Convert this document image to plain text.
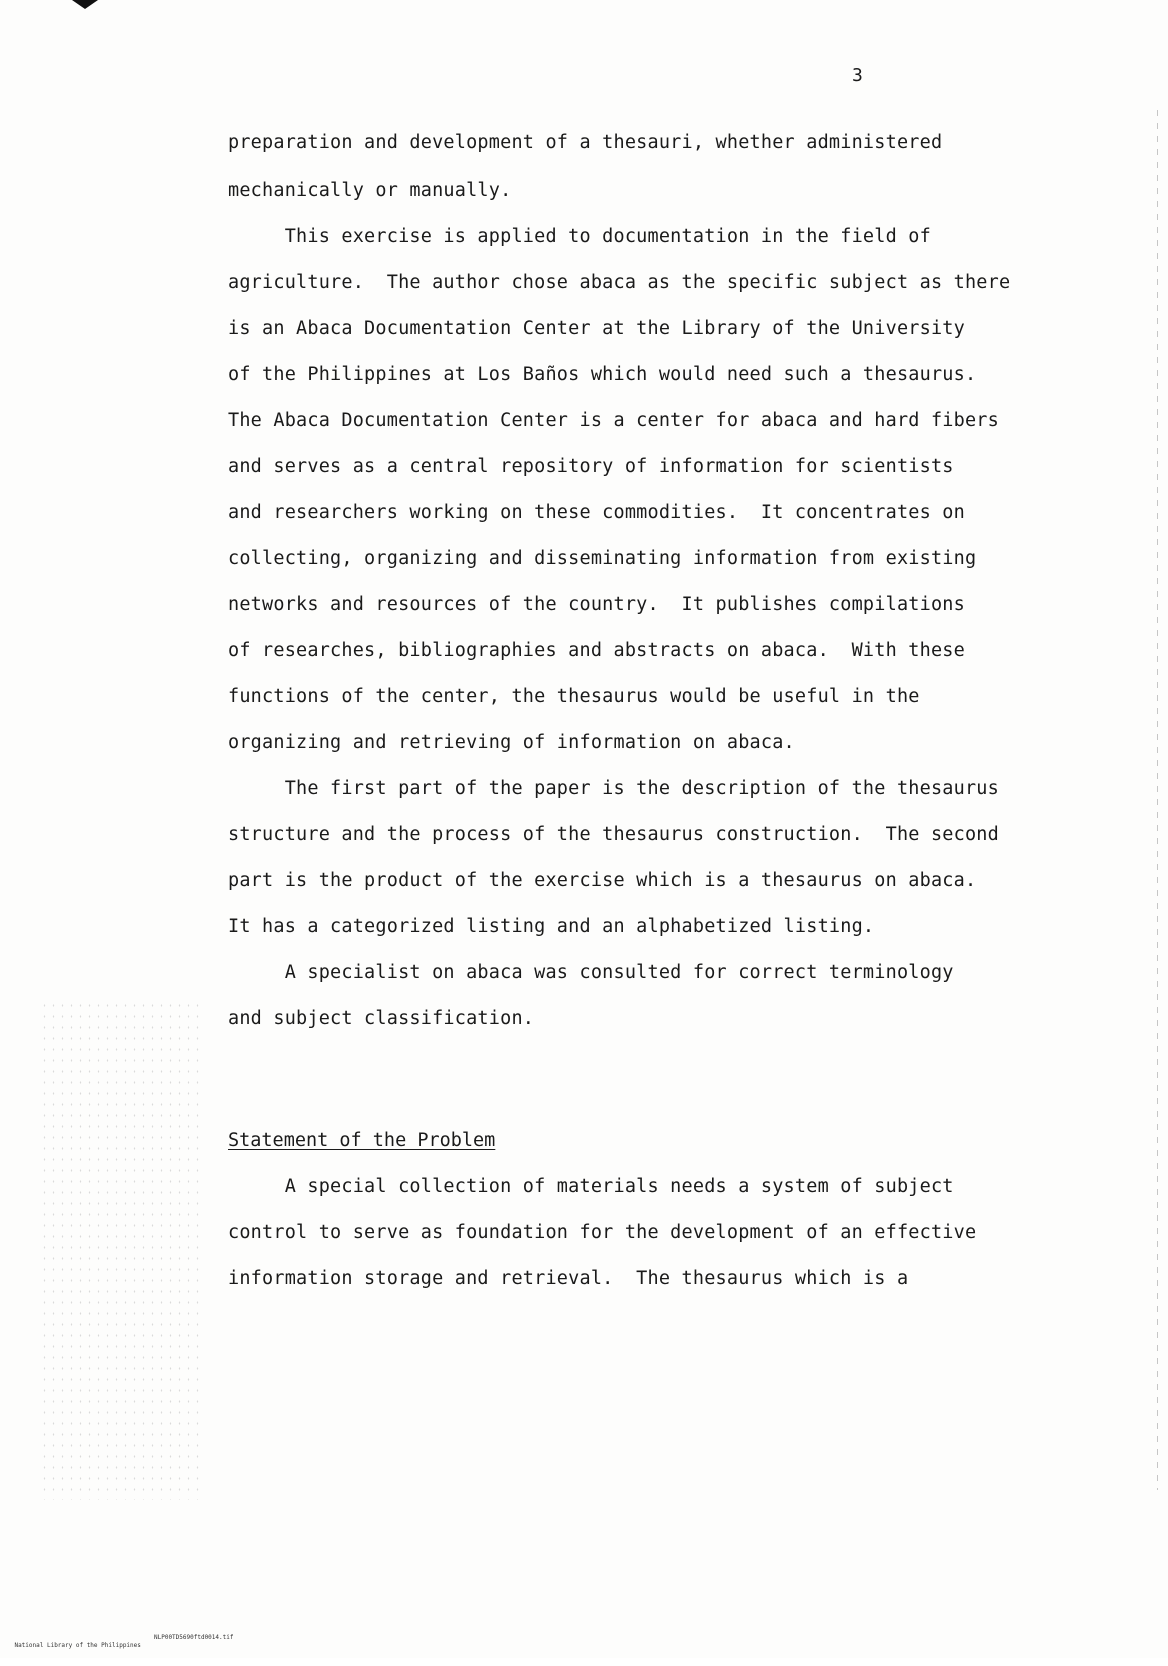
3
preparation and development of a thesauri, whether administered
mechanically or manually.
This exercise is applied to documentation in the field of
agriculture.  The author chose abaca as the specific subject as there
is an Abaca Documentation Center at the Library of the University
of the Philippines at Los Baños which would need such a thesaurus.
The Abaca Documentation Center is a center for abaca and hard fibers
and serves as a central repository of information for scientists
and researchers working on these commodities.  It concentrates on
collecting, organizing and disseminating information from existing
networks and resources of the country.  It publishes compilations
of researches, bibliographies and abstracts on abaca.  With these
functions of the center, the thesaurus would be useful in the
organizing and retrieving of information on abaca.
The first part of the paper is the description of the thesaurus
structure and the process of the thesaurus construction.  The second
part is the product of the exercise which is a thesaurus on abaca.
It has a categorized listing and an alphabetized listing.
A specialist on abaca was consulted for correct terminology
and subject classification.
Statement of the Problem
A special collection of materials needs a system of subject
control to serve as foundation for the development of an effective
information storage and retrieval.  The thesaurus which is a

National Library of the Philippines

NLP00TD5690ftd0014.tif
